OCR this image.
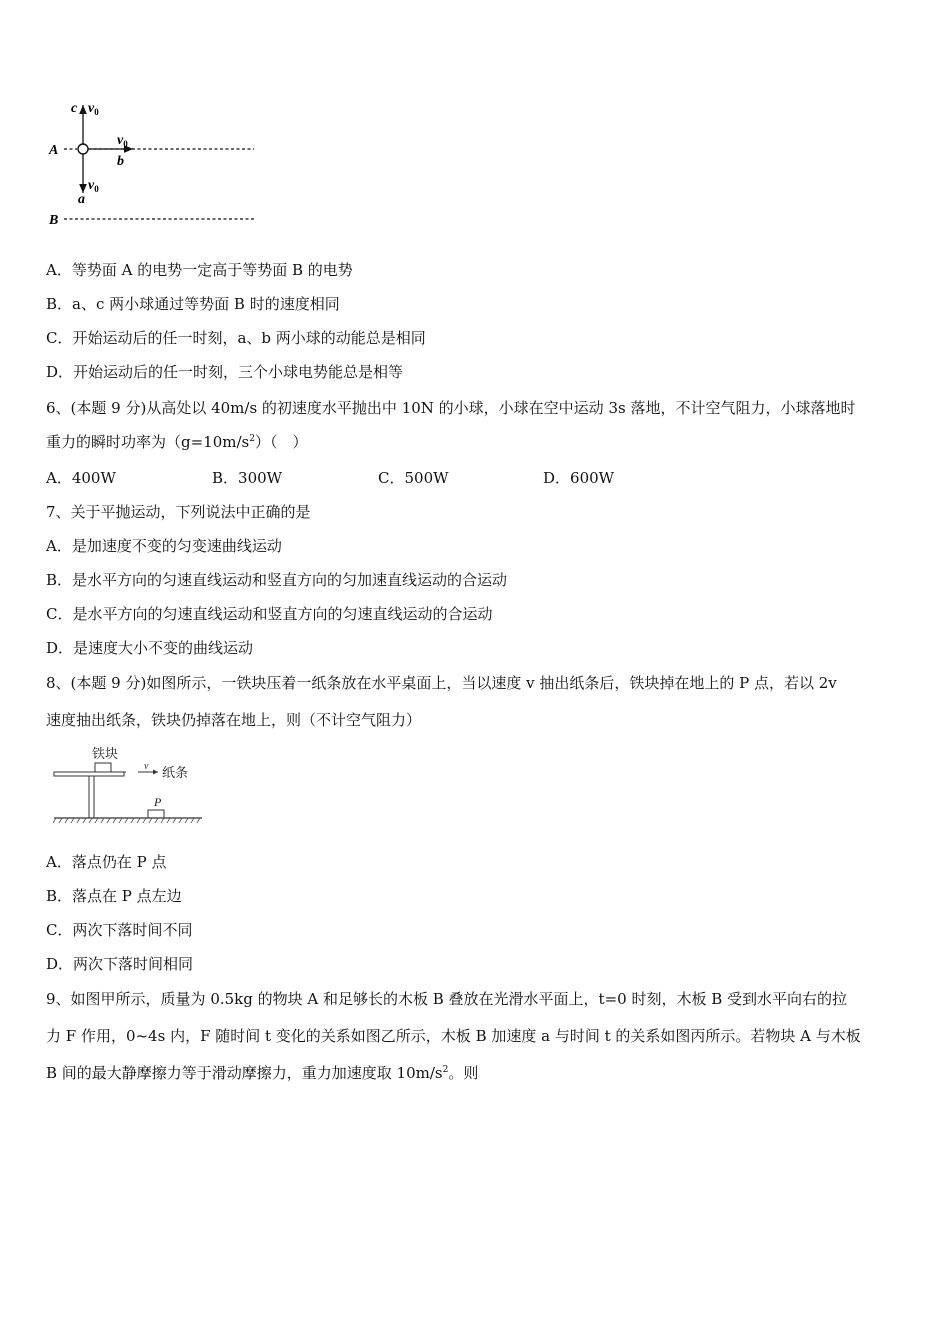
c $v_0$
A
$v_0$
b
$v_0$
a
B
A．等势面 A 的电势一定高于等势面 B 的电势
B．a、c 两小球通过等势面 B 时的速度相同
C．开始运动后的任一时刻，a、b 两小球的动能总是相同
D．开始运动后的任一时刻，三个小球电势能总是相等
6、(本题 9 分)从高处以 40m/s 的初速度水平抛出中 10N 的小球，小球在空中运动 3s 落地，不计空气阻力，小球落地时
重力的瞬时功率为$(g=10m/s^2)$（　）
A．400W	B．300W	C．500W	D．600W
7、关于平抛运动，下列说法中正确的是
A．是加速度不变的匀变速曲线运动
B．是水平方向的匀速直线运动和竖直方向的匀加速直线运动的合运动
C．是水平方向的匀速直线运动和竖直方向的匀速直线运动的合运动
D．是速度大小不变的曲线运动
8、(本题 9 分)如图所示，一铁块压着一纸条放在水平桌面上，当以速度 v 抽出纸条后，铁块掉在地上的 P 点，若以 2v
速度抽出纸条，铁块仍掉落在地上，则（不计空气阻力）
铁块
v 纸条
P
A．落点仍在 P 点
B．落点在 P 点左边
C．两次下落时间不同
D．两次下落时间相同
9、如图甲所示，质量为 0.5kg 的物块 A 和足够长的木板 B 叠放在光滑水平面上，t=0 时刻，木板 B 受到水平向右的拉
力 F 作用，0~4s 内，F 随时间 t 变化的关系如图乙所示，木板 B 加速度 a 与时间 t 的关系如图丙所示。若物块 A 与木板
B 间的最大静摩擦力等于滑动摩擦力，重力加速度取 $10m/s^2$。则
